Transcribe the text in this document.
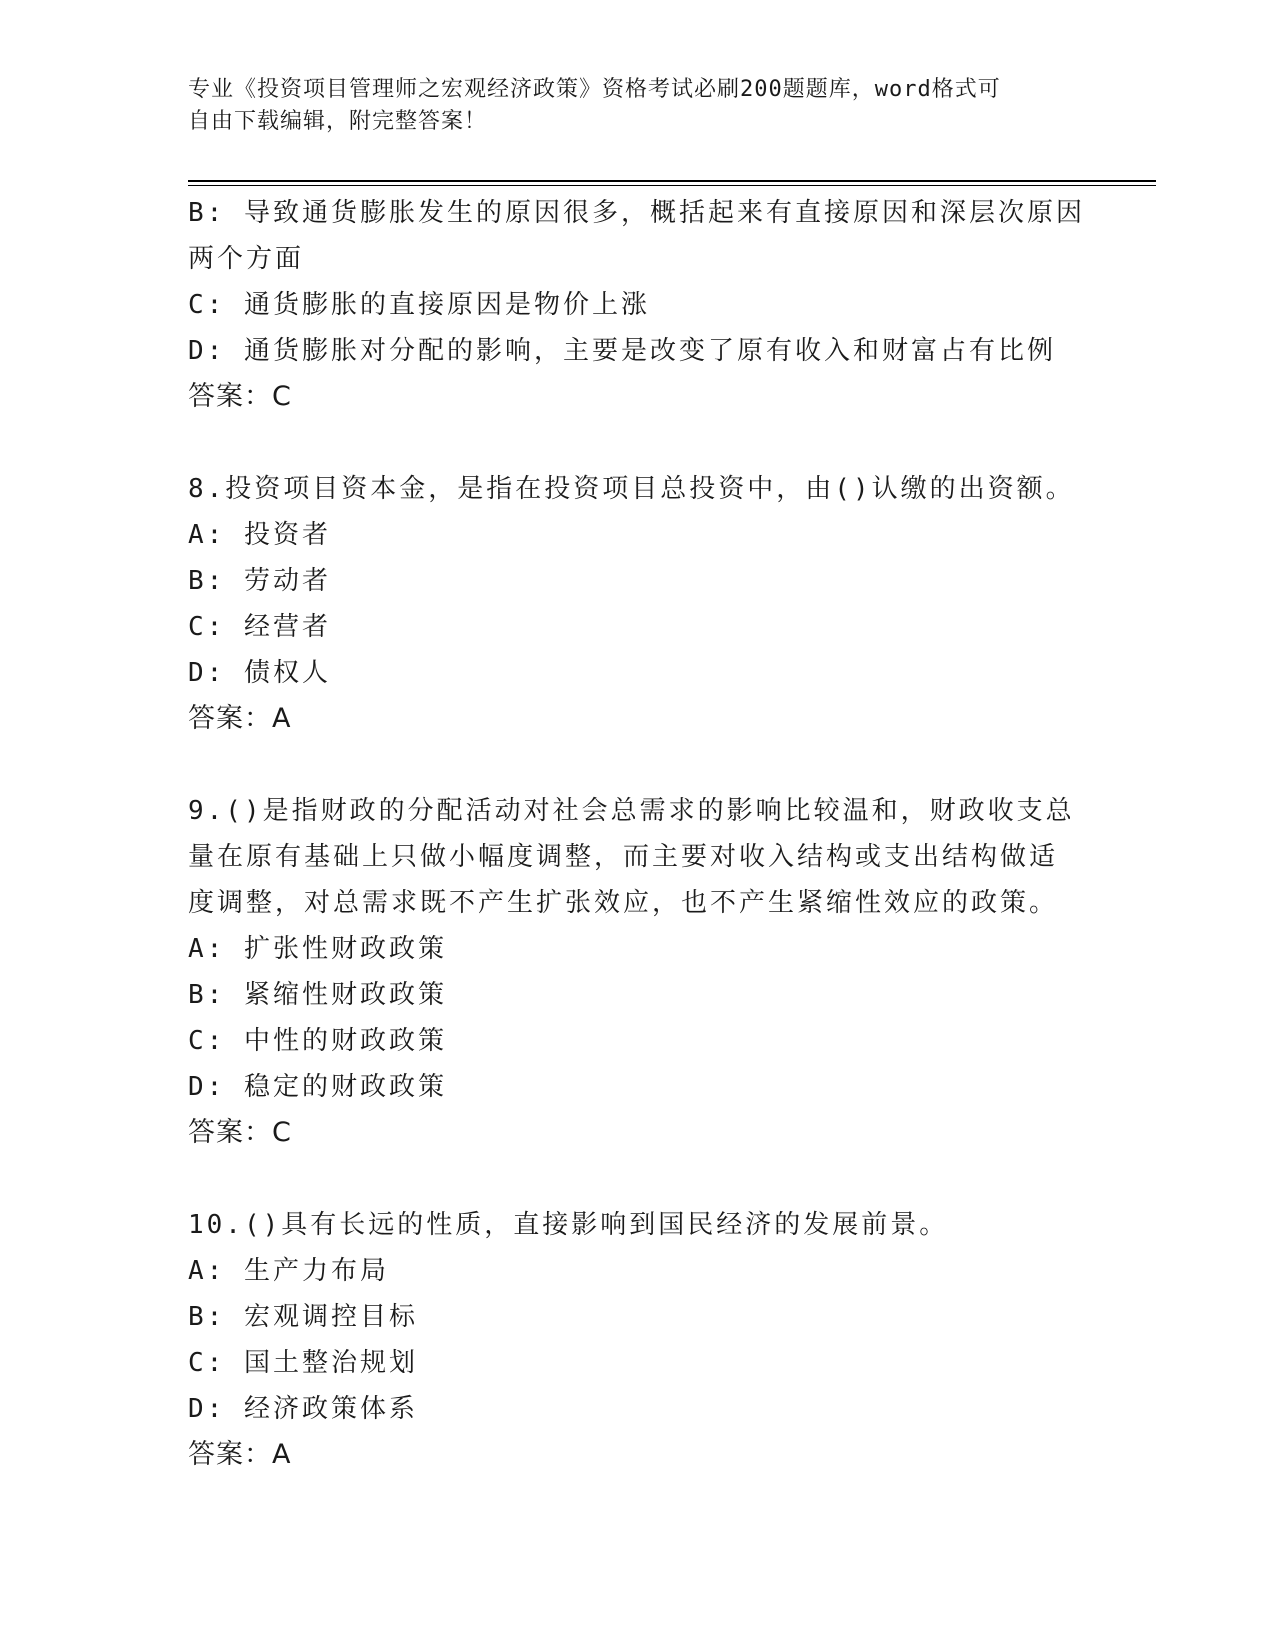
专业《投资项目管理师之宏观经济政策》资格考试必刷200题题库，word格式可
自由下载编辑，附完整答案！
B: 导致通货膨胀发生的原因很多，概括起来有直接原因和深层次原因
两个方面
C: 通货膨胀的直接原因是物价上涨
D: 通货膨胀对分配的影响，主要是改变了原有收入和财富占有比例
答案：C
8.投资项目资本金，是指在投资项目总投资中，由()认缴的出资额。
A: 投资者
B: 劳动者
C: 经营者
D: 债权人
答案：A
9.()是指财政的分配活动对社会总需求的影响比较温和，财政收支总
量在原有基础上只做小幅度调整，而主要对收入结构或支出结构做适
度调整，对总需求既不产生扩张效应，也不产生紧缩性效应的政策。
A: 扩张性财政政策
B: 紧缩性财政政策
C: 中性的财政政策
D: 稳定的财政政策
答案：C
10.()具有长远的性质，直接影响到国民经济的发展前景。
A: 生产力布局
B: 宏观调控目标
C: 国土整治规划
D: 经济政策体系
答案：A
